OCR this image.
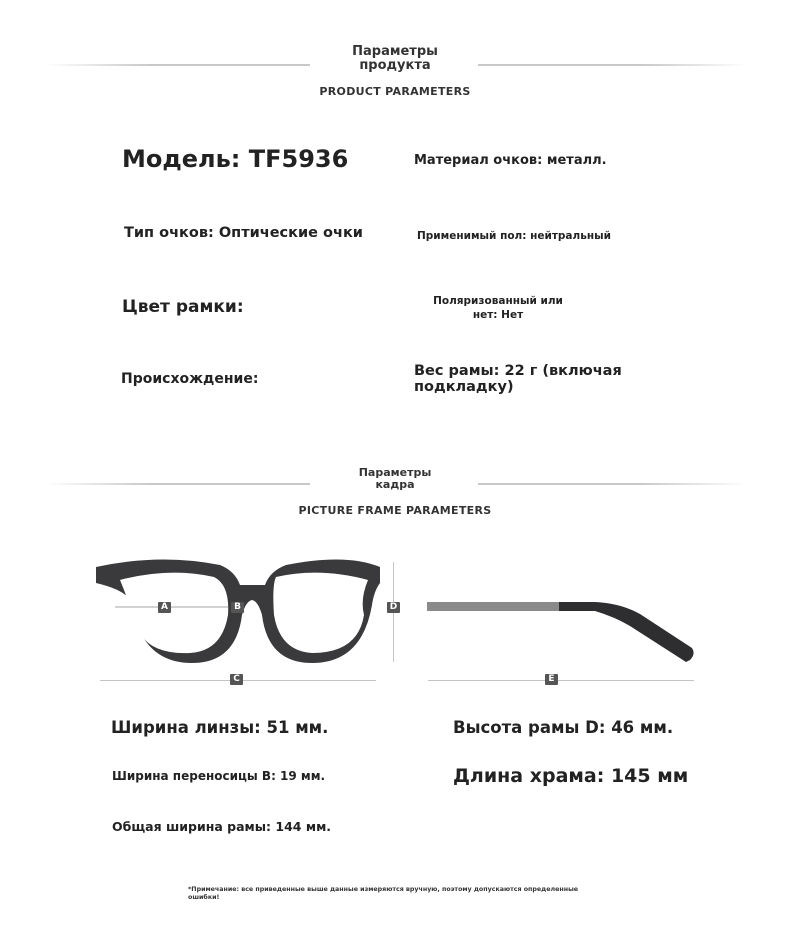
Параметры
продукта
PRODUCT PARAMETERS
Модель: TF5936	Материал очков: металл.
Тип очков: Оптические очки	Применимый пол: нейтральный
Цвет рамки:	Поляризованный или
нет: Нет
Происхождение:	Вес рамы: 22 г (включая
подкладку)
Параметры
кадра
PICTURE FRAME PARAMETERS
A	B	D
C	E
Ширина линзы: 51 мм.	Высота рамы D: 46 мм.
Ширина переносицы B: 19 мм.	Длина храма: 145 мм
Общая ширина рамы: 144 мм.
*Примечание: все приведенные выше данные измеряются вручную, поэтому допускаются определенные
ошибки!
